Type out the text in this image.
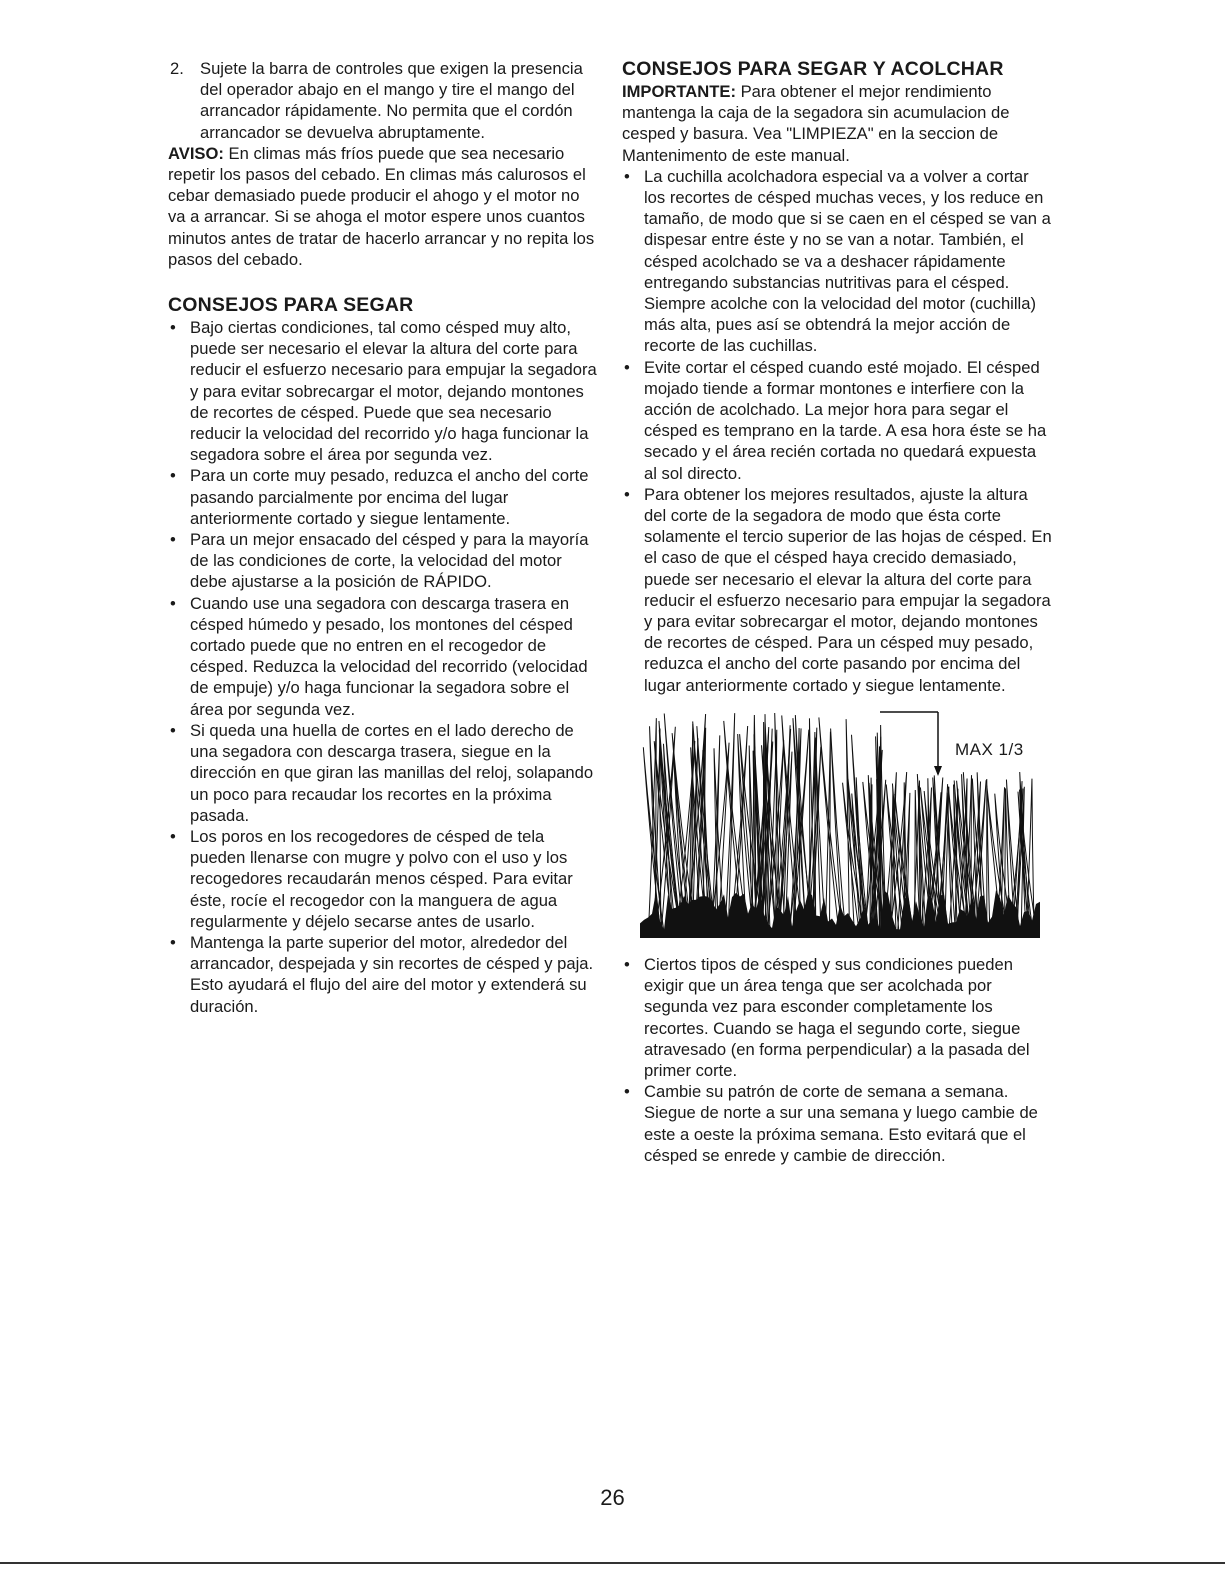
2. Sujete la barra de controles que exigen la presencia del operador abajo en el mango y tire el mango del arrancador rápidamente. No permita que el cordón arrancador se devuelva abruptamente.

AVISO: En climas más fríos puede que sea necesario repetir los pasos del cebado. En climas más calurosos el cebar demasiado puede producir el ahogo y el motor no va a arrancar. Si se ahoga el motor espere unos cuantos minutos antes de tratar de hacerlo arrancar y no repita los pasos del cebado.

CONSEJOS PARA SEGAR
• Bajo ciertas condiciones, tal como césped muy alto, puede ser necesario el elevar la altura del corte para reducir el esfuerzo necesario para empujar la segadora y para evitar sobrecargar el motor, dejando montones de recortes de césped. Puede que sea necesario reducir la velocidad del recorrido y/o haga funcionar la segadora sobre el área por segunda vez.
• Para un corte muy pesado, reduzca el ancho del corte pasando parcialmente por encima del lugar anteriormente cortado y siegue lentamente.
• Para un mejor ensacado del césped y para la mayoría de las condiciones de corte, la velocidad del motor debe ajustarse a la posición de RÁPIDO.
• Cuando use una segadora con descarga trasera en césped húmedo y pesado, los montones del césped cortado puede que no entren en el recogedor de césped. Reduzca la velocidad del recorrido (velocidad de empuje) y/o haga funcionar la segadora sobre el área por segunda vez.
• Si queda una huella de cortes en el lado derecho de una segadora con descarga trasera, siegue en la dirección en que giran las manillas del reloj, solapando un poco para recaudar los recortes en la próxima pasada.
• Los poros en los recogedores de césped de tela pueden llenarse con mugre y polvo con el uso y los recogedores recaudarán menos césped. Para evitar éste, rocíe el recogedor con la manguera de agua regularmente y déjelo secarse antes de usarlo.
• Mantenga la parte superior del motor, alrededor del arrancador, despejada y sin recortes de césped y paja. Esto ayudará el flujo del aire del motor y extenderá su duración.
CONSEJOS PARA SEGAR Y ACOLCHAR

IMPORTANTE: Para obtener el mejor rendimiento mantenga la caja de la segadora sin acumulacion de cesped y basura. Vea "LIMPIEZA" en la seccion de Mantenimento de este manual.

• La cuchilla acolchadora especial va a volver a cortar los recortes de césped muchas veces, y los reduce en tamaño, de modo que si se caen en el césped se van a dispesar entre éste y no se van a notar. También, el césped acolchado se va a deshacer rápidamente entregando substancias nutritivas para el césped. Siempre acolche con la velocidad del motor (cuchilla) más alta, pues así se obtendrá la mejor acción de recorte de las cuchillas.
• Evite cortar el césped cuando esté mojado. El césped mojado tiende a formar montones e interfiere con la acción de acolchado. La mejor hora para segar el césped es temprano en la tarde. A esa hora éste se ha secado y el área recién cortada no quedará expuesta al sol directo.
• Para obtener los mejores resultados, ajuste la altura del corte de la segadora de modo que ésta corte solamente el tercio superior de las hojas de césped. En el caso de que el césped haya crecido demasiado, puede ser necesario el elevar la altura del corte para reducir el esfuerzo necesario para empujar la segadora y para evitar sobrecargar el motor, dejando montones de recortes de césped. Para un césped muy pesado, reduzca el ancho del corte pasando por encima del lugar anteriormente cortado y siegue lentamente.
MAX 1/3
• Ciertos tipos de césped y sus condiciones pueden exigir que un área tenga que ser acolchada por segunda vez para esconder completamente los recortes. Cuando se haga el segundo corte, siegue atravesado (en forma perpendicular) a la pasada del primer corte.
• Cambie su patrón de corte de semana a semana. Siegue de norte a sur una semana y luego cambie de este a oeste la próxima semana. Esto evitará que el césped se enrede y cambie de dirección.
26
